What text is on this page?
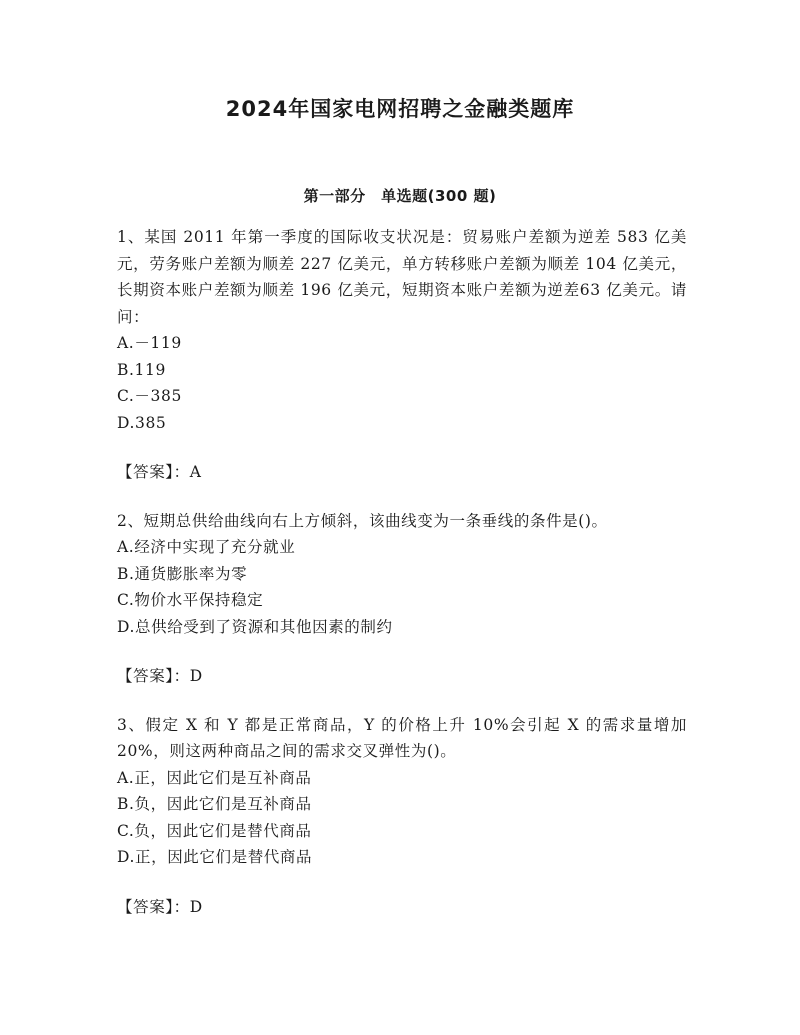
2024年国家电网招聘之金融类题库
第一部分　单选题(300 题)

1、某国 2011 年第一季度的国际收支状况是：贸易账户差额为逆差 583 亿美元，劳务账户差额为顺差 227 亿美元，单方转移账户差额为顺差 104 亿美元，长期资本账户差额为顺差 196 亿美元，短期资本账户差额为逆差63 亿美元。请问：

A.－119

B.119

C.－385

D.385

【答案】：A

2、短期总供给曲线向右上方倾斜，该曲线变为一条垂线的条件是()。

A.经济中实现了充分就业

B.通货膨胀率为零

C.物价水平保持稳定

D.总供给受到了资源和其他因素的制约

【答案】：D

3、假定 X 和 Y 都是正常商品，Y 的价格上升 10%会引起 X 的需求量增加 20%，则这两种商品之间的需求交叉弹性为()。

A.正，因此它们是互补商品

B.负，因此它们是互补商品

C.负，因此它们是替代商品

D.正，因此它们是替代商品

【答案】：D
